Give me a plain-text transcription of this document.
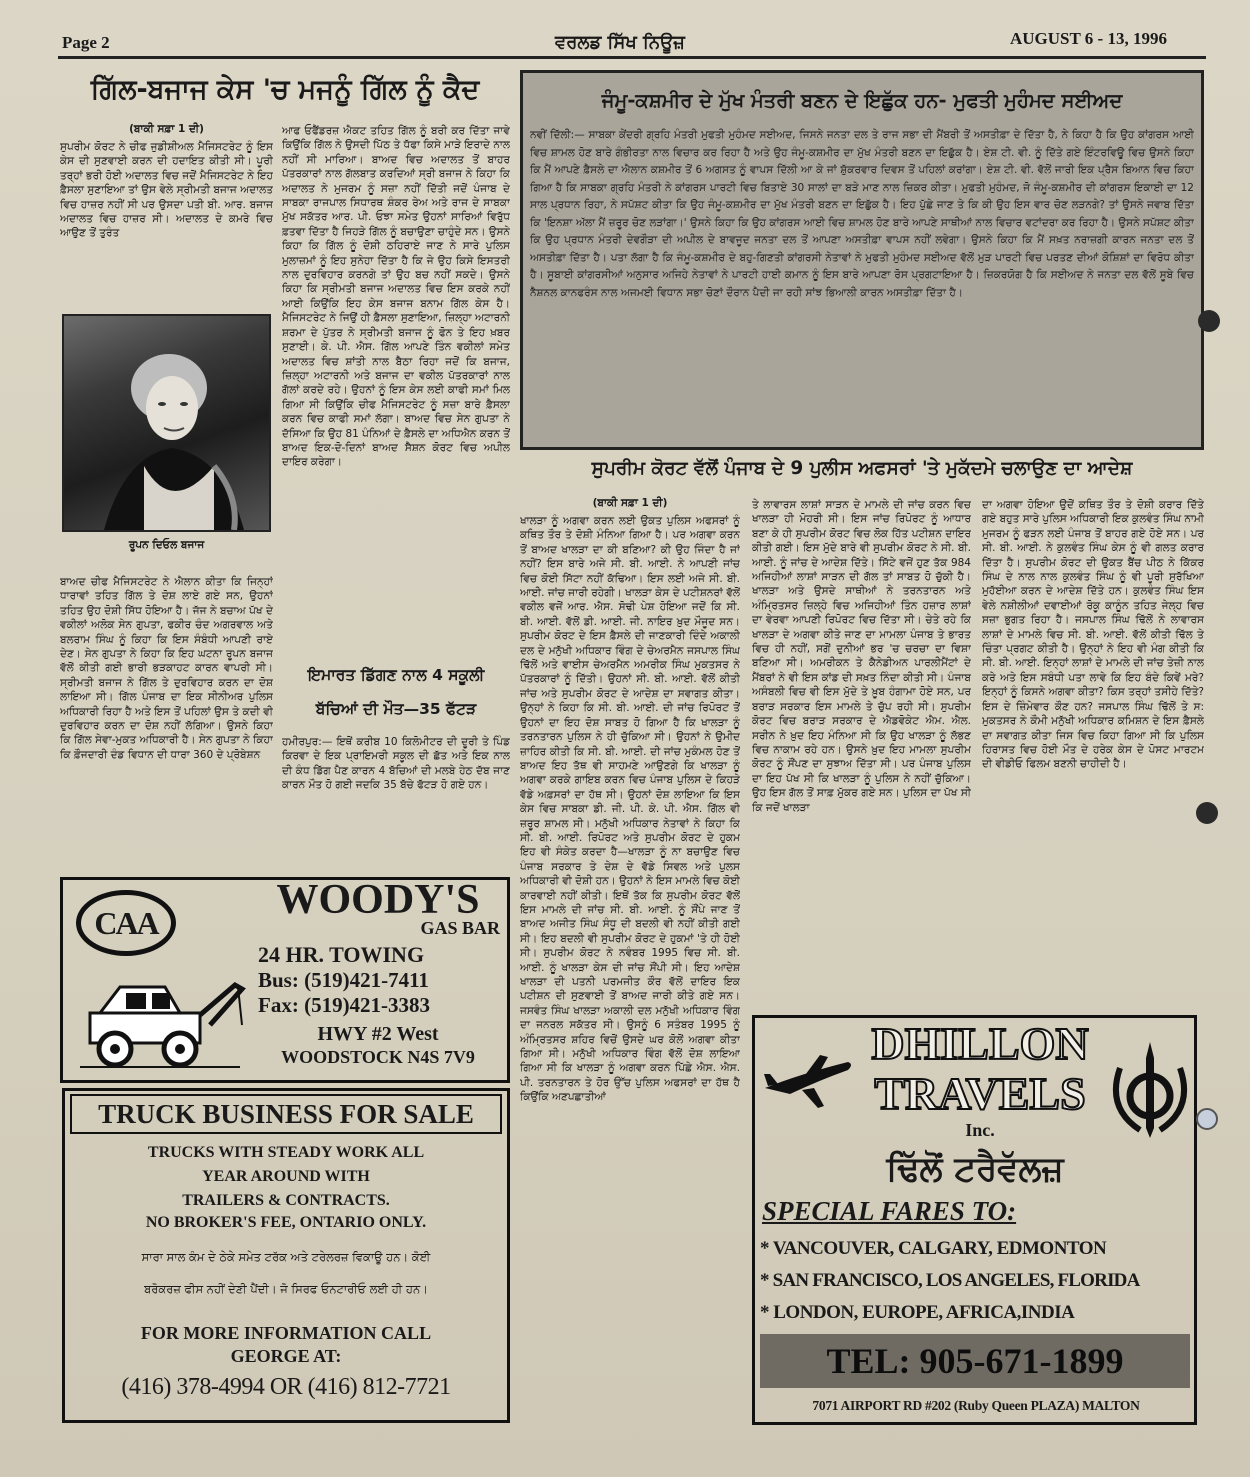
Page 2	ਵਰਲਡ ਸਿੱਖ ਨਿਊਜ਼	AUGUST 6 - 13, 1996
ਗਿੱਲ-ਬਜਾਜ ਕੇਸ 'ਚ ਮਜਨੂੰ ਗਿੱਲ ਨੂੰ ਕੈਦ
(ਬਾਕੀ ਸਫ਼ਾ 1 ਦੀ)
ਸੁਪਰੀਮ ਕੋਰਟ ਨੇ ਚੀਫ ਜੁਡੀਸ਼ੀਅਲ ਮੈਜਿਸਟਰੇਟ ਨੂੰ ਇਸ ਕੇਸ ਦੀ ਸੁਣਵਾਈ ਕਰਨ ਦੀ ਹਦਾਇਤ ਕੀਤੀ ਸੀ। ਪੂਰੀ ਤਰ੍ਹਾਂ ਭਰੀ ਹੋਈ ਅਦਾਲਤ ਵਿਚ ਜਦੋਂ ਮੈਜਿਸਟਰੇਟ ਨੇ ਇਹ ਫ਼ੈਸਲਾ ਸੁਣਾਇਆ ਤਾਂ ਉਸ ਵੇਲੇ ਸ੍ਰੀਮਤੀ ਬਜਾਜ ਅਦਾਲਤ ਵਿਚ ਹਾਜ਼ਰ ਨਹੀਂ ਸੀ ਪਰ ਉਸਦਾ ਪਤੀ ਬੀ. ਆਰ. ਬਜਾਜ ਅਦਾਲਤ ਵਿਚ ਹਾਜ਼ਰ ਸੀ। ਅਦਾਲਤ ਦੇ ਕਮਰੇ ਵਿਚ ਆਉਣ ਤੋਂ ਤੁਰੰਤ
ਰੂਪਨ ਦਿਓਲ ਬਜਾਜ
ਬਾਅਦ ਚੀਫ ਮੈਜਿਸਟਰੇਟ ਨੇ ਐਲਾਨ ਕੀਤਾ ਕਿ ਜਿਨ੍ਹਾਂ ਧਾਰਾਵਾਂ ਤਹਿਤ ਗਿੱਲ ਤੇ ਦੋਸ਼ ਲਾਏ ਗਏ ਸਨ, ਉਹਨਾਂ ਤਹਿਤ ਉਹ ਦੋਸ਼ੀ ਸਿੱਧ ਹੋਇਆ ਹੈ। ਜੱਜ ਨੇ ਬਚਾਅ ਪੱਖ ਦੇ ਵਕੀਲਾਂ ਅਲੋਕ ਸੇਨ ਗੁਪਤਾ, ਫਕੀਰ ਚੰਦ ਅਗਰਵਾਲ ਅਤੇ ਬਲਰਾਮ ਸਿੰਘ ਨੂੰ ਕਿਹਾ ਕਿ ਇਸ ਸੰਬੰਧੀ ਆਪਣੀ ਰਾਏ ਦੇਣ। ਸੇਨ ਗੁਪਤਾ ਨੇ ਕਿਹਾ ਕਿ ਇਹ ਘਟਨਾ ਰੂਪਨ ਬਜਾਜ ਵੱਲੋਂ ਕੀਤੀ ਗਈ ਭਾਰੀ ਭੜਕਾਹਟ ਕਾਰਨ ਵਾਪਰੀ ਸੀ। ਸ੍ਰੀਮਤੀ ਬਜਾਜ ਨੇ ਗਿੱਲ ਤੇ ਦੁਰਵਿਹਾਰ ਕਰਨ ਦਾ ਦੋਸ਼ ਲਾਇਆ ਸੀ। ਗਿੱਲ ਪੰਜਾਬ ਦਾ ਇਕ ਸੀਨੀਅਰ ਪੁਲਿਸ ਅਧਿਕਾਰੀ ਰਿਹਾ ਹੈ ਅਤੇ ਇਸ ਤੋਂ ਪਹਿਲਾਂ ਉਸ ਤੇ ਕਦੀ ਵੀ ਦੁਰਵਿਹਾਰ ਕਰਨ ਦਾ ਦੋਸ਼ ਨਹੀਂ ਲੱਗਿਆ। ਉਸਨੇ ਕਿਹਾ ਕਿ ਗਿੱਲ ਸੇਵਾ-ਮੁਕਤ ਅਧਿਕਾਰੀ ਹੈ। ਸੇਨ ਗੁਪਤਾ ਨੇ ਕਿਹਾ ਕਿ ਫ਼ੌਜਦਾਰੀ ਦੰਡ ਵਿਧਾਨ ਦੀ ਧਾਰਾ 360 ਦੇ ਪ੍ਰੋਬੇਸ਼ਨ
ਆਫ ਓਫੈਂਡਰਜ਼ ਐਕਟ ਤਹਿਤ ਗਿੱਲ ਨੂੰ ਬਰੀ ਕਰ ਦਿੱਤਾ ਜਾਵੇ ਕਿਉਂਕਿ ਗਿੱਲ ਨੇ ਉਸਦੀ ਪਿੱਠ ਤੇ ਧੱਫਾ ਕਿਸੇ ਮਾੜੇ ਇਰਾਦੇ ਨਾਲ ਨਹੀਂ ਸੀ ਮਾਰਿਆ। ਬਾਅਦ ਵਿਚ ਅਦਾਲਤ ਤੋਂ ਬਾਹਰ ਪੱਤਰਕਾਰਾਂ ਨਾਲ ਗੱਲਬਾਤ ਕਰਦਿਆਂ ਸ੍ਰੀ ਬਜਾਜ ਨੇ ਕਿਹਾ ਕਿ ਅਦਾਲਤ ਨੇ ਮੁਜਰਮ ਨੂੰ ਸਜ਼ਾ ਨਹੀਂ ਦਿੱਤੀ ਜਦੋਂ ਪੰਜਾਬ ਦੇ ਸਾਬਕਾ ਰਾਜਪਾਲ ਸਿਧਾਰਥ ਸ਼ੰਕਰ ਰੇਅ ਅਤੇ ਰਾਜ ਦੇ ਸਾਬਕਾ ਮੁੱਖ ਸਕੱਤਰ ਆਰ. ਪੀ. ਓਝਾ ਸਮੇਤ ਉਹਨਾਂ ਸਾਰਿਆਂ ਵਿਰੁੱਧ ਫ਼ਤਵਾ ਦਿੱਤਾ ਹੈ ਜਿਹੜੇ ਗਿੱਲ ਨੂੰ ਬਚਾਉਣਾ ਚਾਹੁੰਦੇ ਸਨ। ਉਸਨੇ ਕਿਹਾ ਕਿ ਗਿੱਲ ਨੂੰ ਦੋਸ਼ੀ ਠਹਿਰਾਏ ਜਾਣ ਨੇ ਸਾਰੇ ਪੁਲਿਸ ਮੁਲਾਜ਼ਮਾਂ ਨੂੰ ਇਹ ਸੁਨੇਹਾ ਦਿੱਤਾ ਹੈ ਕਿ ਜੇ ਉਹ ਕਿਸੇ ਇਸਤਰੀ ਨਾਲ ਦੁਰਵਿਹਾਰ ਕਰਨਗੇ ਤਾਂ ਉਹ ਬਚ ਨਹੀਂ ਸਕਦੇ। ਉਸਨੇ ਕਿਹਾ ਕਿ ਸ੍ਰੀਮਤੀ ਬਜਾਜ ਅਦਾਲਤ ਵਿਚ ਇਸ ਕਰਕੇ ਨਹੀਂ ਆਈ ਕਿਉਂਕਿ ਇਹ ਕੇਸ ਬਜਾਜ ਬਨਾਮ ਗਿੱਲ ਕੇਸ ਹੈ। ਮੈਜਿਸਟਰੇਟ ਨੇ ਜਿਉਂ ਹੀ ਫ਼ੈਸਲਾ ਸੁਣਾਇਆ, ਜ਼ਿਲ੍ਹਾ ਅਟਾਰਨੀ ਸ਼ਰਮਾ ਦੇ ਪੁੱਤਰ ਨੇ ਸ੍ਰੀਮਤੀ ਬਜਾਜ ਨੂੰ ਫੋਨ ਤੇ ਇਹ ਖ਼ਬਰ ਸੁਣਾਈ। ਕੇ. ਪੀ. ਐਸ. ਗਿੱਲ ਆਪਣੇ ਤਿੰਨ ਵਕੀਲਾਂ ਸਮੇਤ ਅਦਾਲਤ ਵਿਚ ਸ਼ਾਂਤੀ ਨਾਲ ਬੈਠਾ ਰਿਹਾ ਜਦੋਂ ਕਿ ਬਜਾਜ, ਜ਼ਿਲ੍ਹਾ ਅਟਾਰਨੀ ਅਤੇ ਬਜਾਜ ਦਾ ਵਕੀਲ ਪੱਤਰਕਾਰਾਂ ਨਾਲ ਗੱਲਾਂ ਕਰਦੇ ਰਹੇ। ਉਹਨਾਂ ਨੂੰ ਇਸ ਕੇਸ ਲਈ ਕਾਫੀ ਸਮਾਂ ਮਿਲ ਗਿਆ ਸੀ ਕਿਉਂਕਿ ਚੀਫ ਮੈਜਿਸਟਰੇਟ ਨੂੰ ਸਜ਼ਾ ਬਾਰੇ ਫ਼ੈਸਲਾ ਕਰਨ ਵਿਚ ਕਾਫੀ ਸਮਾਂ ਲੱਗਾ। ਬਾਅਦ ਵਿਚ ਸੇਨ ਗੁਪਤਾ ਨੇ ਦੱਸਿਆ ਕਿ ਉਹ 81 ਪੰਨਿਆਂ ਦੇ ਫ਼ੈਸਲੇ ਦਾ ਅਧਿਐਨ ਕਰਨ ਤੋਂ ਬਾਅਦ ਇਕ-ਦੋ-ਦਿਨਾਂ ਬਾਅਦ ਸੈਸ਼ਨ ਕੋਰਟ ਵਿਚ ਅਪੀਲ ਦਾਇਰ ਕਰੇਗਾ।
ਇਮਾਰਤ ਡਿੱਗਣ ਨਾਲ 4 ਸਕੂਲੀ
ਬੱਚਿਆਂ ਦੀ ਮੌਤ—35 ਫੱਟੜ
ਹਮੀਰਪੁਰ:— ਇਥੋਂ ਕਰੀਬ 10 ਕਿਲੋਮੀਟਰ ਦੀ ਦੂਰੀ ਤੇ ਪਿੰਡ ਕਿਰਵਾ ਦੇ ਇਕ ਪ੍ਰਾਇਮਰੀ ਸਕੂਲ ਦੀ ਛੱਤ ਅਤੇ ਇਕ ਨਾਲ ਦੀ ਕੰਧ ਡਿੱਗ ਪੈਣ ਕਾਰਨ 4 ਬੱਚਿਆਂ ਦੀ ਮਲਬੇ ਹੇਠ ਦੱਬ ਜਾਣ ਕਾਰਨ ਮੌਤ ਹੋ ਗਈ ਜਦਕਿ 35 ਬੱਚੇ ਫੱਟੜ ਹੋ ਗਏ ਹਨ।
ਜੰਮੂ-ਕਸ਼ਮੀਰ ਦੇ ਮੁੱਖ ਮੰਤਰੀ ਬਣਨ ਦੇ ਇਛੁੱਕ ਹਨ- ਮੁਫਤੀ ਮੁਹੰਮਦ ਸਈਅਦ
ਨਵੀਂ ਦਿੱਲੀ:— ਸਾਬਕਾ ਕੇਂਦਰੀ ਗ੍ਰਹਿ ਮੰਤਰੀ ਮੁਫਤੀ ਮੁਹੰਮਦ ਸਈਅਦ, ਜਿਸਨੇ ਜਨਤਾ ਦਲ ਤੇ ਰਾਜ ਸਭਾ ਦੀ ਮੈਂਬਰੀ ਤੋਂ ਅਸਤੀਫ਼ਾ ਦੇ ਦਿੱਤਾ ਹੈ, ਨੇ ਕਿਹਾ ਹੈ ਕਿ ਉਹ ਕਾਂਗਰਸ ਆਈ ਵਿਚ ਸ਼ਾਮਲ ਹੋਣ ਬਾਰੇ ਗੰਭੀਰਤਾ ਨਾਲ ਵਿਚਾਰ ਕਰ ਰਿਹਾ ਹੈ ਅਤੇ ਉਹ ਜੰਮੂ-ਕਸ਼ਮੀਰ ਦਾ ਮੁੱਖ ਮੰਤਰੀ ਬਣਨ ਦਾ ਇਛੁੱਕ ਹੈ। ਏਸ਼ ਟੀ. ਵੀ. ਨੂੰ ਦਿੱਤੇ ਗਏ ਇੰਟਰਵਿਊ ਵਿਚ ਉਸਨੇ ਕਿਹਾ ਕਿ ਮੈਂ ਆਪਣੇ ਫ਼ੈਸਲੇ ਦਾ ਐਲਾਨ ਕਸ਼ਮੀਰ ਤੋਂ 6 ਅਗਸਤ ਨੂੰ ਵਾਪਸ ਦਿੱਲੀ ਆ ਕੇ ਜਾਂ ਸ਼ੁੱਕਰਵਾਰ ਦਿਵਸ ਤੋਂ ਪਹਿਲਾਂ ਕਰਾਂਗਾ। ਏਸ਼ ਟੀ. ਵੀ. ਵੱਲੋਂ ਜਾਰੀ ਇਕ ਪ੍ਰੈਸ ਬਿਆਨ ਵਿਚ ਕਿਹਾ ਗਿਆ ਹੈ ਕਿ ਸਾਬਕਾ ਗ੍ਰਹਿ ਮੰਤਰੀ ਨੇ ਕਾਂਗਰਸ ਪਾਰਟੀ ਵਿਚ ਬਿਤਾਏ 30 ਸਾਲਾਂ ਦਾ ਬੜੇ ਮਾਣ ਨਾਲ ਜ਼ਿਕਰ ਕੀਤਾ। ਮੁਫਤੀ ਮੁਹੰਮਦ, ਜੋ ਜੰਮੂ-ਕਸ਼ਮੀਰ ਦੀ ਕਾਂਗਰਸ ਇਕਾਈ ਦਾ 12 ਸਾਲ ਪ੍ਰਧਾਨ ਰਿਹਾ, ਨੇ ਸਪੱਸ਼ਟ ਕੀਤਾ ਕਿ ਉਹ ਜੰਮੂ-ਕਸ਼ਮੀਰ ਦਾ ਮੁੱਖ ਮੰਤਰੀ ਬਣਨ ਦਾ ਇਛੁੱਕ ਹੈ। ਇਹ ਪੁੱਛੇ ਜਾਣ ਤੇ ਕਿ ਕੀ ਉਹ ਇਸ ਵਾਰ ਚੋਣ ਲੜਨਗੇ? ਤਾਂ ਉਸਨੇ ਜਵਾਬ ਦਿੱਤਾ ਕਿ 'ਇਨਸ਼ਾ ਅੱਲਾ ਮੈਂ ਜ਼ਰੂਰ ਚੋਣ ਲੜਾਂਗਾ।' ਉਸਨੇ ਕਿਹਾ ਕਿ ਉਹ ਕਾਂਗਰਸ ਆਈ ਵਿਚ ਸ਼ਾਮਲ ਹੋਣ ਬਾਰੇ ਆਪਣੇ ਸਾਥੀਆਂ ਨਾਲ ਵਿਚਾਰ ਵਟਾਂਦਰਾ ਕਰ ਰਿਹਾ ਹੈ। ਉਸਨੇ ਸਪੱਸ਼ਟ ਕੀਤਾ ਕਿ ਉਹ ਪ੍ਰਧਾਨ ਮੰਤਰੀ ਦੇਵਗੌੜਾ ਦੀ ਅਪੀਲ ਦੇ ਬਾਵਜੂਦ ਜਨਤਾ ਦਲ ਤੋਂ ਆਪਣਾ ਅਸਤੀਫ਼ਾ ਵਾਪਸ ਨਹੀਂ ਲਵੇਗਾ। ਉਸਨੇ ਕਿਹਾ ਕਿ ਮੈਂ ਸਖ਼ਤ ਨਰਾਜ਼ਗੀ ਕਾਰਨ ਜਨਤਾ ਦਲ ਤੋਂ ਅਸਤੀਫ਼ਾ ਦਿੱਤਾ ਹੈ। ਪਤਾ ਲੱਗਾ ਹੈ ਕਿ ਜੰਮੂ-ਕਸ਼ਮੀਰ ਦੇ ਬਹੁ-ਗਿਣਤੀ ਕਾਂਗਰਸੀ ਨੇਤਾਵਾਂ ਨੇ ਮੁਫਤੀ ਮੁਹੰਮਦ ਸਈਅਦ ਵੱਲੋਂ ਮੁੜ ਪਾਰਟੀ ਵਿਚ ਪਰਤਣ ਦੀਆਂ ਕੋਸ਼ਿਸ਼ਾਂ ਦਾ ਵਿਰੋਧ ਕੀਤਾ ਹੈ। ਸੂਬਾਈ ਕਾਂਗਰਸੀਆਂ ਅਨੁਸਾਰ ਅਜਿਹੇ ਨੇਤਾਵਾਂ ਨੇ ਪਾਰਟੀ ਹਾਈ ਕਮਾਨ ਨੂੰ ਇਸ ਬਾਰੇ ਆਪਣਾ ਰੋਸ ਪ੍ਰਗਟਾਇਆ ਹੈ। ਜ਼ਿਕਰਯੋਗ ਹੈ ਕਿ ਸਈਅਦ ਨੇ ਜਨਤਾ ਦਲ ਵੱਲੋਂ ਸੂਬੇ ਵਿਚ ਨੈਸ਼ਨਲ ਕਾਨਫਰੰਸ ਨਾਲ ਅਜਮਈ ਵਿਧਾਨ ਸਭਾ ਚੋਣਾਂ ਦੌਰਾਨ ਪੈਦੀ ਜਾ ਰਹੀ ਸਾਂਝ ਭਿਆਲੀ ਕਾਰਨ ਅਸਤੀਫ਼ਾ ਦਿੱਤਾ ਹੈ।
ਸੁਪਰੀਮ ਕੋਰਟ ਵੱਲੋਂ ਪੰਜਾਬ ਦੇ 9 ਪੁਲੀਸ ਅਫਸਰਾਂ 'ਤੇ ਮੁਕੱਦਮੇ ਚਲਾਉਣ ਦਾ ਆਦੇਸ਼
(ਬਾਕੀ ਸਫ਼ਾ 1 ਦੀ)
ਖਾਲੜਾ ਨੂੰ ਅਗਵਾ ਕਰਨ ਲਈ ਉਕਤ ਪੁਲਿਸ ਅਫਸਰਾਂ ਨੂੰ ਕਥਿਤ ਤੌਰ ਤੇ ਦੋਸ਼ੀ ਮੰਨਿਆ ਗਿਆ ਹੈ। ਪਰ ਅਗਵਾ ਕਰਨ ਤੋਂ ਬਾਅਦ ਖਾਲੜਾ ਦਾ ਕੀ ਬਣਿਆ? ਕੀ ਉਹ ਜਿੰਦਾ ਹੈ ਜਾਂ ਨਹੀਂ? ਇਸ ਬਾਰੇ ਅਜੇ ਸੀ. ਬੀ. ਆਈ. ਨੇ ਆਪਣੀ ਜਾਂਚ ਵਿਚ ਕੋਈ ਸਿੱਟਾ ਨਹੀਂ ਕੱਢਿਆ। ਇਸ ਲਈ ਅਜੇ ਸੀ. ਬੀ. ਆਈ. ਜਾਂਚ ਜਾਰੀ ਰਹੇਗੀ। ਖਾਲੜਾ ਕੇਸ ਦੇ ਪਟੀਸ਼ਨਰਾਂ ਵੱਲੋਂ ਵਕੀਲ ਵਜੋਂ ਆਰ. ਐਸ. ਸੋਢੀ ਪੇਸ਼ ਹੋਇਆ ਜਦੋਂ ਕਿ ਸੀ. ਬੀ. ਆਈ. ਵੱਲੋਂ ਡੀ. ਆਈ. ਜੀ. ਨਾਇਰ ਖ਼ੁਦ ਮੌਜੂਦ ਸਨ। ਸੁਪਰੀਮ ਕੋਰਟ ਦੇ ਇਸ ਫ਼ੈਸਲੇ ਦੀ ਜਾਣਕਾਰੀ ਦਿੰਦੇ ਅਕਾਲੀ ਦਲ ਦੇ ਮਨੁੱਖੀ ਅਧਿਕਾਰ ਵਿੰਗ ਦੇ ਚੇਅਰਮੈਨ ਜਸਪਾਲ ਸਿੰਘ ਢਿੱਲੋਂ ਅਤੇ ਵਾਈਸ ਚੇਅਰਮੈਨ ਅਮਰੀਕ ਸਿੰਘ ਮੁਕਤਸਰ ਨੇ ਪੱਤਰਕਾਰਾਂ ਨੂੰ ਦਿੱਤੀ। ਉਹਨਾਂ ਸੀ. ਬੀ. ਆਈ. ਵੱਲੋਂ ਕੀਤੀ ਜਾਂਚ ਅਤੇ ਸੁਪਰੀਮ ਕੋਰਟ ਦੇ ਆਦੇਸ਼ ਦਾ ਸਵਾਗਤ ਕੀਤਾ। ਉਨ੍ਹਾਂ ਨੇ ਕਿਹਾ ਕਿ ਸੀ. ਬੀ. ਆਈ. ਦੀ ਜਾਂਚ ਰਿਪੋਰਟ ਤੋਂ ਉਹਨਾਂ ਦਾ ਇਹ ਦੋਸ਼ ਸਾਬਤ ਹੋ ਗਿਆ ਹੈ ਕਿ ਖਾਲੜਾ ਨੂੰ ਤਰਨਤਾਰਨ ਪੁਲਿਸ ਨੇ ਹੀ ਚੁੱਕਿਆ ਸੀ। ਉਹਨਾਂ ਨੇ ਉਮੀਦ ਜ਼ਾਹਿਰ ਕੀਤੀ ਕਿ ਸੀ. ਬੀ. ਆਈ. ਦੀ ਜਾਂਚ ਮੁਕੰਮਲ ਹੋਣ ਤੋਂ ਬਾਅਦ ਇਹ ਤੱਥ ਵੀ ਸਾਹਮਣੇ ਆਉਣਗੇ ਕਿ ਖਾਲੜਾ ਨੂੰ ਅਗਵਾ ਕਰਕੇ ਗਾਇਬ ਕਰਨ ਵਿਚ ਪੰਜਾਬ ਪੁਲਿਸ ਦੇ ਕਿਹੜੇ ਵੱਡੇ ਅਫ਼ਸਰਾਂ ਦਾ ਹੱਥ ਸੀ। ਉਹਨਾਂ ਦੋਸ਼ ਲਾਇਆ ਕਿ ਇਸ ਕੇਸ ਵਿਚ ਸਾਬਕਾ ਡੀ. ਜੀ. ਪੀ. ਕੇ. ਪੀ. ਐਸ. ਗਿੱਲ ਵੀ ਜ਼ਰੂਰ ਸ਼ਾਮਲ ਸੀ। ਮਨੁੱਖੀ ਅਧਿਕਾਰ ਨੇਤਾਵਾਂ ਨੇ ਕਿਹਾ ਕਿ ਸੀ. ਬੀ. ਆਈ. ਰਿਪੋਰਟ ਅਤੇ ਸੁਪਰੀਮ ਕੋਰਟ ਦੇ ਹੁਕਮ ਇਹ ਵੀ ਸੰਕੇਤ ਕਰਦਾ ਹੈ—ਖਾਲੜਾ ਨੂੰ ਨਾ ਬਚਾਉਣ ਵਿਚ ਪੰਜਾਬ ਸਰਕਾਰ ਤੇ ਦੇਸ਼ ਦੇ ਵੱਡੇ ਸਿਵਲ ਅਤੇ ਪੁਲਸ ਅਧਿਕਾਰੀ ਵੀ ਦੋਸ਼ੀ ਹਨ। ਉਹਨਾਂ ਨੇ ਇਸ ਮਾਮਲੇ ਵਿਚ ਕੋਈ ਕਾਰਵਾਈ ਨਹੀਂ ਕੀਤੀ। ਇਥੋਂ ਤੱਕ ਕਿ ਸੁਪਰੀਮ ਕੋਰਟ ਵੱਲੋਂ ਇਸ ਮਾਮਲੇ ਦੀ ਜਾਂਚ ਸੀ. ਬੀ. ਆਈ. ਨੂੰ ਸੌਂਪੇ ਜਾਣ ਤੋਂ ਬਾਅਦ ਅਜੀਤ ਸਿੰਘ ਸੰਧੂ ਦੀ ਬਦਲੀ ਵੀ ਨਹੀਂ ਕੀਤੀ ਗਈ ਸੀ। ਇਹ ਬਦਲੀ ਵੀ ਸੁਪਰੀਮ ਕੋਰਟ ਦੇ ਹੁਕਮਾਂ 'ਤੇ ਹੀ ਹੋਈ ਸੀ। ਸੁਪਰੀਮ ਕੋਰਟ ਨੇ ਨਵੰਬਰ 1995 ਵਿਚ ਸੀ. ਬੀ. ਆਈ. ਨੂੰ ਖਾਲੜਾ ਕੇਸ ਦੀ ਜਾਂਚ ਸੌਂਪੀ ਸੀ। ਇਹ ਆਦੇਸ਼ ਖਾਲੜਾ ਦੀ ਪਤਨੀ ਪਰਮਜੀਤ ਕੌਰ ਵੱਲੋਂ ਦਾਇਰ ਇਕ ਪਟੀਸ਼ਨ ਦੀ ਸੁਣਵਾਈ ਤੋਂ ਬਾਅਦ ਜਾਰੀ ਕੀਤੇ ਗਏ ਸਨ। ਜਸਵੰਤ ਸਿੰਘ ਖਾਲੜਾ ਅਕਾਲੀ ਦਲ ਮਨੁੱਖੀ ਅਧਿਕਾਰ ਵਿੰਗ ਦਾ ਜਨਰਲ ਸਕੱਤਰ ਸੀ। ਉਸਨੂੰ 6 ਸਤੰਬਰ 1995 ਨੂੰ ਅੰਮ੍ਰਿਤਸਰ ਸ਼ਹਿਰ ਵਿਚੋਂ ਉਸਦੇ ਘਰ ਕੋਲੋਂ ਅਗਵਾ ਕੀਤਾ ਗਿਆ ਸੀ। ਮਨੁੱਖੀ ਅਧਿਕਾਰ ਵਿੰਗ ਵੱਲੋਂ ਦੋਸ਼ ਲਾਇਆ ਗਿਆ ਸੀ ਕਿ ਖਾਲੜਾ ਨੂੰ ਅਗਵਾ ਕਰਨ ਪਿੱਛੇ ਐਸ. ਐਸ. ਪੀ. ਤਰਨਤਾਰਨ ਤੇ ਹੋਰ ਉੱਚ ਪੁਲਿਸ ਅਫਸਰਾਂ ਦਾ ਹੱਥ ਹੈ ਕਿਉਂਕਿ ਅਣਪਛਾਤੀਆਂ
ਤੇ ਲਾਵਾਰਸ ਲਾਸ਼ਾਂ ਸਾੜਨ ਦੇ ਮਾਮਲੇ ਦੀ ਜਾਂਚ ਕਰਨ ਵਿਚ ਖਾਲੜਾ ਹੀ ਮੋਹਰੀ ਸੀ। ਇਸ ਜਾਂਚ ਰਿਪੋਰਟ ਨੂੰ ਆਧਾਰ ਬਣਾ ਕੇ ਹੀ ਸੁਪਰੀਮ ਕੋਰਟ ਵਿਚ ਲੋਕ ਹਿੱਤ ਪਟੀਸ਼ਨ ਦਾਇਰ ਕੀਤੀ ਗਈ। ਇਸ ਮੁੱਦੇ ਬਾਰੇ ਵੀ ਸੁਪਰੀਮ ਕੋਰਟ ਨੇ ਸੀ. ਬੀ. ਆਈ. ਨੂੰ ਜਾਂਚ ਦੇ ਆਦੇਸ਼ ਦਿੱਤੇ। ਸਿੱਟੇ ਵਜੋਂ ਹੁਣ ਤੱਕ 984 ਅਜਿਹੀਆਂ ਲਾਸ਼ਾਂ ਸਾੜਨ ਦੀ ਗੱਲ ਤਾਂ ਸਾਬਤ ਹੋ ਚੁੱਕੀ ਹੈ। ਖਾਲੜਾ ਅਤੇ ਉਸਦੇ ਸਾਥੀਆਂ ਨੇ ਤਰਨਤਾਰਨ ਅਤੇ ਅੰਮ੍ਰਿਤਸਰ ਜ਼ਿਲ੍ਹੇ ਵਿਚ ਅਜਿਹੀਆਂ ਤਿੰਨ ਹਜ਼ਾਰ ਲਾਸ਼ਾਂ ਦਾ ਵੇਰਵਾ ਆਪਣੀ ਰਿਪੋਰਟ ਵਿਚ ਦਿੱਤਾ ਸੀ। ਚੇਤੇ ਰਹੇ ਕਿ ਖਾਲੜਾ ਦੇ ਅਗਵਾ ਕੀਤੇ ਜਾਣ ਦਾ ਮਾਮਲਾ ਪੰਜਾਬ ਤੇ ਭਾਰਤ ਵਿਚ ਹੀ ਨਹੀਂ, ਸਗੋਂ ਦੁਨੀਆਂ ਭਰ 'ਚ ਚਰਚਾ ਦਾ ਵਿਸ਼ਾ ਬਣਿਆ ਸੀ। ਅਮਰੀਕਨ ਤੇ ਕੈਨੇਡੀਅਨ ਪਾਰਲੀਮੈਂਟਾਂ ਦੇ ਮੈਂਬਰਾਂ ਨੇ ਵੀ ਇਸ ਕਾਂਡ ਦੀ ਸਖ਼ਤ ਨਿੰਦਾ ਕੀਤੀ ਸੀ। ਪੰਜਾਬ ਅਸੰਬਲੀ ਵਿਚ ਵੀ ਇਸ ਮੁੱਦੇ ਤੇ ਖ਼ੂਬ ਹੰਗਾਮਾ ਹੋਏ ਸਨ, ਪਰ ਬਰਾੜ ਸਰਕਾਰ ਇਸ ਮਾਮਲੇ ਤੇ ਚੁੱਪ ਰਹੀ ਸੀ। ਸੁਪਰੀਮ ਕੋਰਟ ਵਿਚ ਬਰਾੜ ਸਰਕਾਰ ਦੇ ਐਡਵੋਕੇਟ ਐਮ. ਐਲ. ਸਰੀਨ ਨੇ ਖ਼ੁਦ ਇਹ ਮੰਨਿਆ ਸੀ ਕਿ ਉਹ ਖਾਲੜਾ ਨੂੰ ਲੱਭਣ ਵਿਚ ਨਾਕਾਮ ਰਹੇ ਹਨ। ਉਸਨੇ ਖ਼ੁਦ ਇਹ ਮਾਮਲਾ ਸੁਪਰੀਮ ਕੋਰਟ ਨੂੰ ਸੌਂਪਣ ਦਾ ਸੁਝਾਅ ਦਿੱਤਾ ਸੀ। ਪਰ ਪੰਜਾਬ ਪੁਲਿਸ ਦਾ ਇਹ ਪੱਖ ਸੀ ਕਿ ਖਾਲੜਾ ਨੂੰ ਪੁਲਿਸ ਨੇ ਨਹੀਂ ਚੁੱਕਿਆ। ਉਹ ਇਸ ਗੱਲ ਤੋਂ ਸਾਫ਼ ਮੁੱਕਰ ਗਏ ਸਨ। ਪੁਲਿਸ ਦਾ ਪੱਖ ਸੀ ਕਿ ਜਦੋਂ ਖਾਲੜਾ
ਦਾ ਅਗਵਾ ਹੋਇਆ ਉਦੋਂ ਕਥਿਤ ਤੌਰ ਤੇ ਦੋਸ਼ੀ ਕਰਾਰ ਦਿੱਤੇ ਗਏ ਬਹੁਤ ਸਾਰੇ ਪੁਲਿਸ ਅਧਿਕਾਰੀ ਇਕ ਕੁਲਵੰਤ ਸਿੰਘ ਨਾਮੀ ਮੁਜਰਮ ਨੂੰ ਫੜਨ ਲਈ ਪੰਜਾਬ ਤੋਂ ਬਾਹਰ ਗਏ ਹੋਏ ਸਨ। ਪਰ ਸੀ. ਬੀ. ਆਈ. ਨੇ ਕੁਲਵੰਤ ਸਿੰਘ ਕੇਸ ਨੂੰ ਵੀ ਗਲਤ ਕਰਾਰ ਦਿੱਤਾ ਹੈ। ਸੁਪਰੀਮ ਕੋਰਟ ਦੀ ਉਕਤ ਬੈਂਚ ਪੀਠ ਨੇ ਕਿੱਕਰ ਸਿੰਘ ਦੇ ਨਾਲ ਨਾਲ ਕੁਲਵੰਤ ਸਿੰਘ ਨੂੰ ਵੀ ਪੂਰੀ ਸੁਰੱਖਿਆ ਮੁਹੱਈਆ ਕਰਨ ਦੇ ਆਦੇਸ਼ ਦਿੱਤੇ ਹਨ। ਕੁਲਵੰਤ ਸਿੰਘ ਇਸ ਵੇਲੇ ਨਸ਼ੀਲੀਆਂ ਦਵਾਈਆਂ ਰੋਕੂ ਕਾਨੂੰਨ ਤਹਿਤ ਜੇਲ੍ਹ ਵਿਚ ਸਜ਼ਾ ਭੁਗਤ ਰਿਹਾ ਹੈ। ਜਸਪਾਲ ਸਿੰਘ ਢਿੱਲੋਂ ਨੇ ਲਾਵਾਰਸ ਲਾਸ਼ਾਂ ਦੇ ਮਾਮਲੇ ਵਿਚ ਸੀ. ਬੀ. ਆਈ. ਵੱਲੋਂ ਕੀਤੀ ਢਿੱਲ ਤੇ ਚਿੰਤਾ ਪ੍ਰਗਟ ਕੀਤੀ ਹੈ। ਉਨ੍ਹਾਂ ਨੇ ਇਹ ਵੀ ਮੰਗ ਕੀਤੀ ਕਿ ਸੀ. ਬੀ. ਆਈ. ਇਨ੍ਹਾਂ ਲਾਸ਼ਾਂ ਦੇ ਮਾਮਲੇ ਦੀ ਜਾਂਚ ਤੇਜ਼ੀ ਨਾਲ ਕਰੇ ਅਤੇ ਇਸ ਸਬੰਧੀ ਪਤਾ ਲਾਵੇ ਕਿ ਇਹ ਬੰਦੇ ਕਿਵੇਂ ਮਰੇ? ਇਨ੍ਹਾਂ ਨੂੰ ਕਿਸਨੇ ਅਗਵਾ ਕੀਤਾ? ਕਿਸ ਤਰ੍ਹਾਂ ਤਸੀਹੇ ਦਿੱਤੇ? ਇਸ ਦੇ ਜ਼ਿੰਮੇਵਾਰ ਕੌਣ ਹਨ? ਜਸਪਾਲ ਸਿੰਘ ਢਿੱਲੋਂ ਤੇ ਸ: ਮੁਕਤਸਰ ਨੇ ਕੌਮੀ ਮਨੁੱਖੀ ਅਧਿਕਾਰ ਕਮਿਸ਼ਨ ਦੇ ਇਸ ਫ਼ੈਸਲੇ ਦਾ ਸਵਾਗਤ ਕੀਤਾ ਜਿਸ ਵਿਚ ਕਿਹਾ ਗਿਆ ਸੀ ਕਿ ਪੁਲਿਸ ਹਿਰਾਸਤ ਵਿਚ ਹੋਈ ਮੌਤ ਦੇ ਹਰੇਕ ਕੇਸ ਦੇ ਪੋਸਟ ਮਾਰਟਮ ਦੀ ਵੀਡੀਓ ਫਿਲਮ ਬਣਨੀ ਚਾਹੀਦੀ ਹੈ।
CAA	WOODY'S
GAS BAR
24 HR. TOWING
Bus: (519)421-7411
Fax: (519)421-3383
HWY #2 West
WOODSTOCK N4S 7V9
TRUCK BUSINESS FOR SALE
TRUCKS WITH STEADY WORK ALL
YEAR AROUND WITH
TRAILERS & CONTRACTS.
NO BROKER'S FEE, ONTARIO ONLY.
ਸਾਰਾ ਸਾਲ ਕੰਮ ਦੇ ਠੇਕੇ ਸਮੇਤ ਟਰੱਕ ਅਤੇ ਟਰੇਲਰਜ਼ ਵਿਕਾਊ ਹਨ। ਕੋਈ
ਬਰੋਕਰਜ਼ ਫੀਸ ਨਹੀਂ ਦੇਣੀ ਪੈਂਦੀ। ਜੋ ਸਿਰਫ ਓਨਟਾਰੀਓ ਲਈ ਹੀ ਹਨ।
FOR MORE INFORMATION CALL
GEORGE AT:
(416) 378-4994 OR (416) 812-7721
DHILLON
TRAVELS
Inc.
ਢਿੱਲੋਂ ਟਰੈਵੱਲਜ਼
SPECIAL FARES TO:
* VANCOUVER, CALGARY, EDMONTON
* SAN FRANCISCO, LOS ANGELES, FLORIDA
* LONDON, EUROPE, AFRICA,INDIA
TEL: 905-671-1899
7071 AIRPORT RD #202 (Ruby Queen PLAZA) MALTON
